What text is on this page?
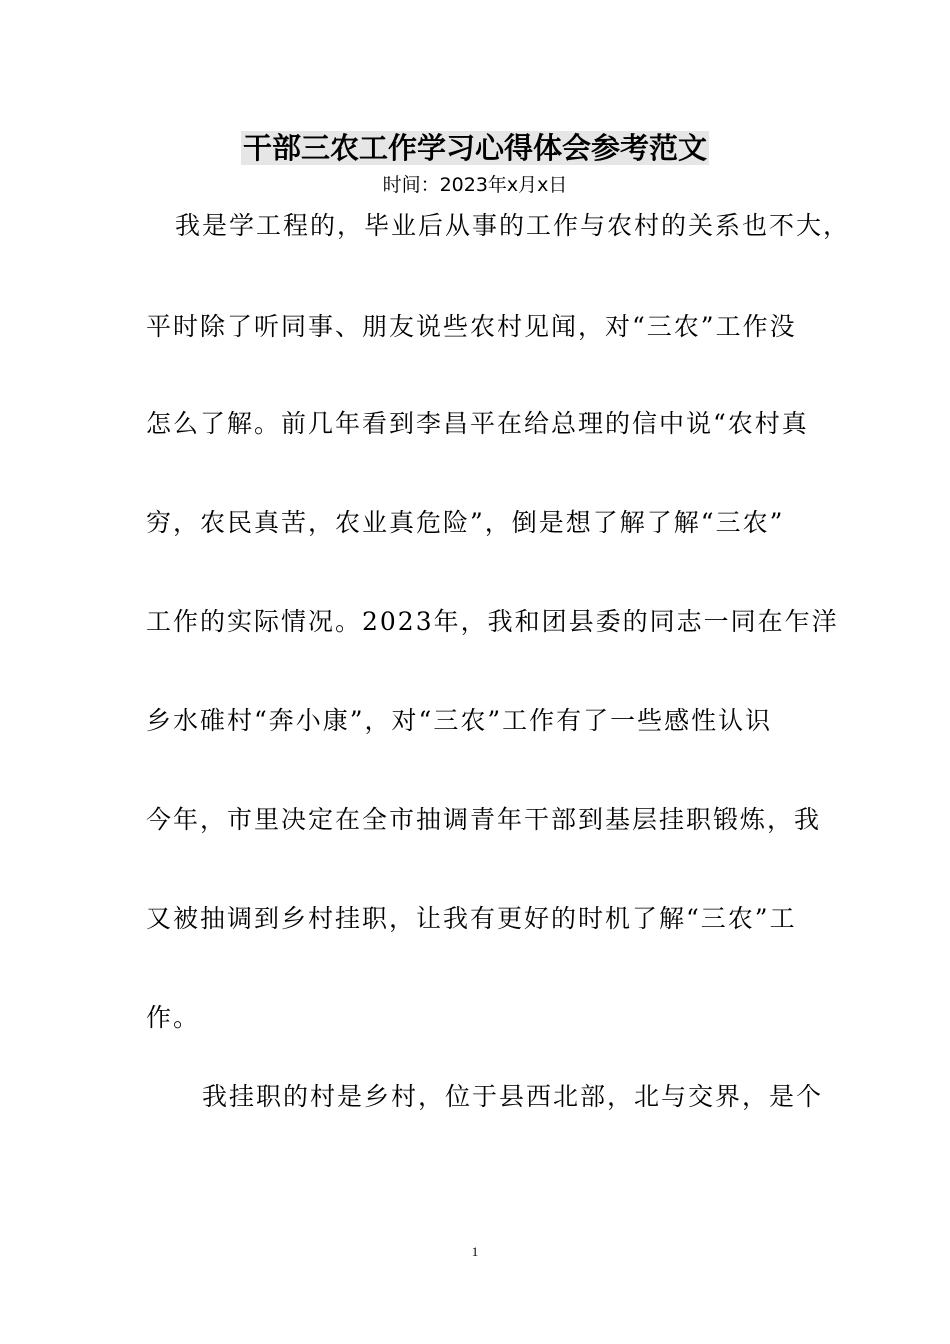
干部三农工作学习心得体会参考范文
时间：2023年x月x日
我是学工程的，毕业后从事的工作与农村的关系也不大，
平时除了听同事、朋友说些农村见闻，对“三农”工作没
怎么了解。前几年看到李昌平在给总理的信中说“农村真
穷，农民真苦，农业真危险”，倒是想了解了解“三农”
工作的实际情况。2023年，我和团县委的同志一同在乍洋
乡水碓村“奔小康”，对“三农”工作有了一些感性认识
今年，市里决定在全市抽调青年干部到基层挂职锻炼，我
又被抽调到乡村挂职，让我有更好的时机了解“三农”工
作。
我挂职的村是乡村，位于县西北部，北与交界，是个
1
